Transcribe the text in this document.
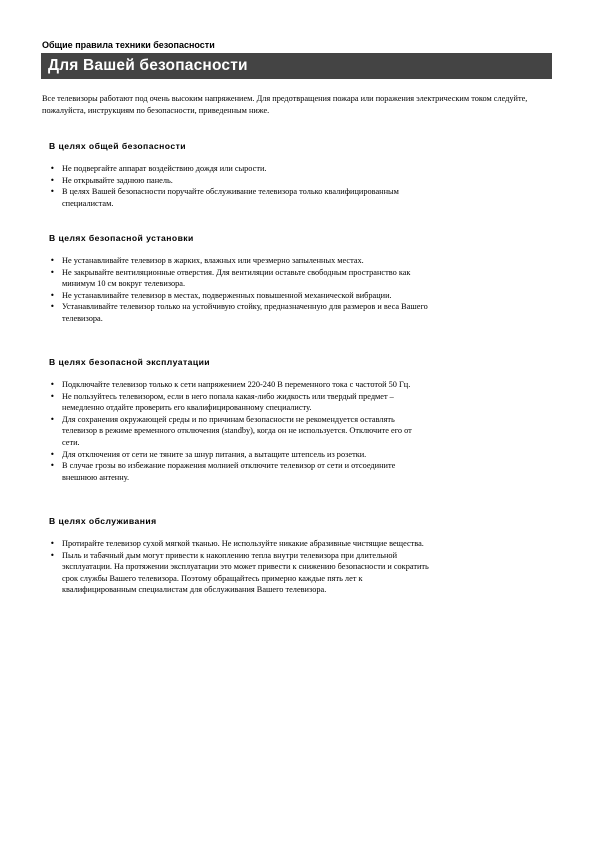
Общие правила техники безопасности
Для Вашей безопасности

Все телевизоры работают под очень высоким напряжением. Для предотвращения пожара или поражения электрическим током следуйте, пожалуйста, инструкциям по безопасности, приведенным ниже.

В целях общей безопасности
• Не подвергайте аппарат воздействию дождя или сырости.
• Не открывайте заднюю панель.
• В целях Вашей безопасности поручайте обслуживание телевизора только квалифицированным специалистам.
В целях безопасной установки
• Не устанавливайте телевизор в жарких, влажных или чрезмерно запыленных местах.
• Не закрывайте вентиляционные отверстия. Для вентиляции оставьте свободным пространство как минимум 10 см вокруг телевизора.
• Не устанавливайте телевизор в местах, подверженных повышенной механической вибрации.
• Устанавливайте телевизор только на устойчивую стойку, предназначенную для размеров и веса Вашего телевизора.
В целях безопасной эксплуатации
• Подключайте телевизор только к сети напряжением 220-240 В переменного тока с частотой 50 Гц.
• Не пользуйтесь телевизором, если в него попала какая-либо жидкость или твердый предмет – немедленно отдайте проверить его квалифицированному специалисту.
• Для сохранения окружающей среды и по причинам безопасности не рекомендуется оставлять телевизор в режиме временного отключения (standby), когда он не используется. Отключите его от сети.
• Для отключения от сети не тяните за шнур питания, а вытащите штепсель из розетки.
• В случае грозы во избежание поражения молнией отключите телевизор от сети и отсоедините внешнюю антенну.
В целях обслуживания
• Протирайте телевизор сухой мягкой тканью. Не используйте никакие абразивные чистящие вещества.
• Пыль и табачный дым могут привести к накоплению тепла внутри телевизора при длительной эксплуатации. На протяжении эксплуатации это может привести к снижению безопасности и сократить срок службы Вашего телевизора. Поэтому обращайтесь примерно каждые пять лет к квалифицированным специалистам для обслуживания Вашего телевизора.
